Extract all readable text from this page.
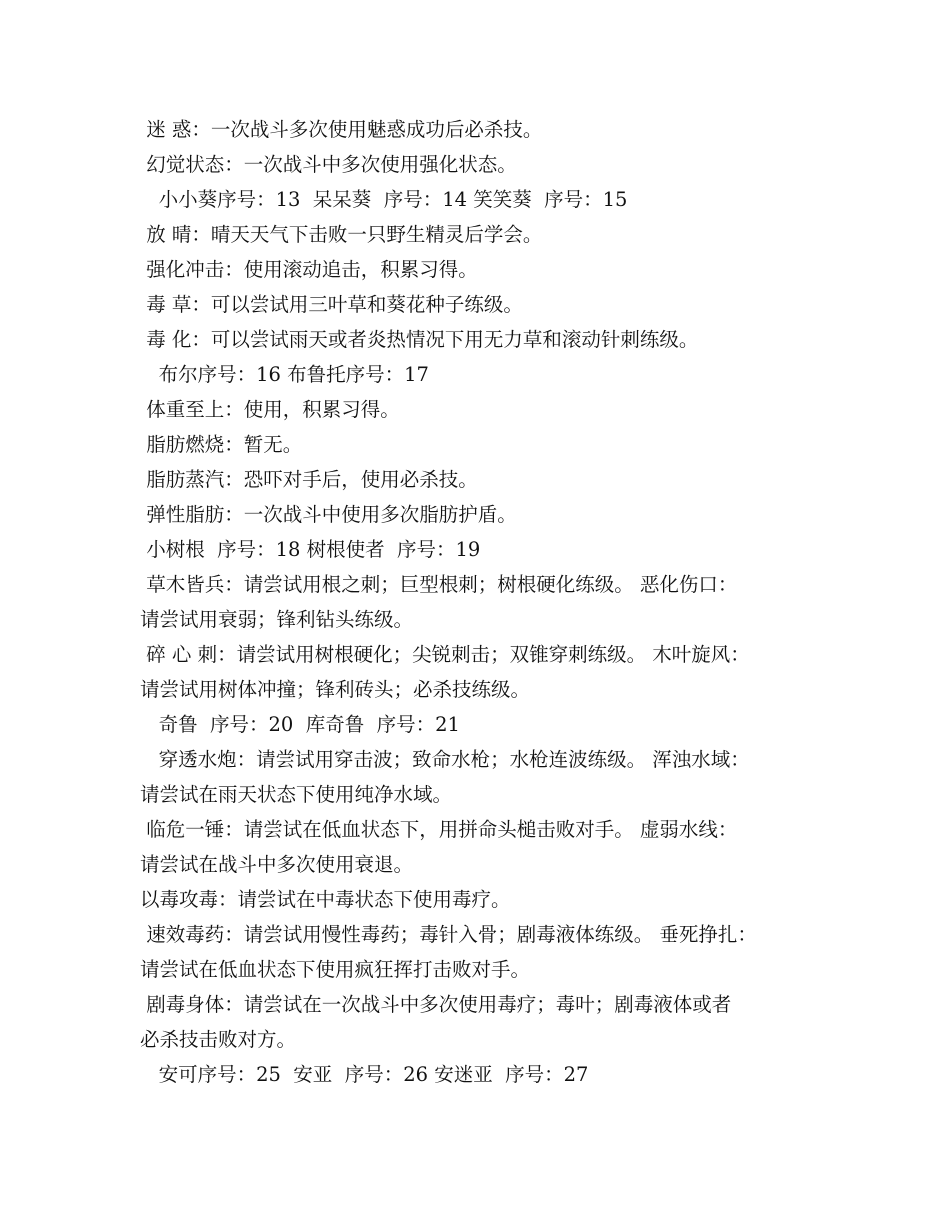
迷 惑：一次战斗多次使用魅惑成功后必杀技。
幻觉状态：一次战斗中多次使用强化状态。
小小葵序号：13  呆呆葵  序号：14 笑笑葵  序号：15
放 晴：晴天天气下击败一只野生精灵后学会。
强化冲击：使用滚动追击，积累习得。
毒 草：可以尝试用三叶草和葵花种子练级。
毒 化：可以尝试雨天或者炎热情况下用无力草和滚动针刺练级。
布尔序号：16 布鲁托序号：17
体重至上：使用，积累习得。
脂肪燃烧：暂无。
脂肪蒸汽：恐吓对手后，使用必杀技。
弹性脂肪：一次战斗中使用多次脂肪护盾。
小树根  序号：18 树根使者  序号：19
草木皆兵：请尝试用根之刺；巨型根刺；树根硬化练级。 恶化伤口：
请尝试用衰弱；锋利钻头练级。
碎 心 刺：请尝试用树根硬化；尖锐刺击；双锥穿刺练级。 木叶旋风：
请尝试用树体冲撞；锋利砖头；必杀技练级。
奇鲁  序号：20  库奇鲁  序号：21
穿透水炮：请尝试用穿击波；致命水枪；水枪连波练级。 浑浊水域：
请尝试在雨天状态下使用纯净水域。
临危一锤：请尝试在低血状态下，用拼命头槌击败对手。 虚弱水线：
请尝试在战斗中多次使用衰退。
以毒攻毒：请尝试在中毒状态下使用毒疗。
速效毒药：请尝试用慢性毒药；毒针入骨；剧毒液体练级。 垂死挣扎：
请尝试在低血状态下使用疯狂挥打击败对手。
剧毒身体：请尝试在一次战斗中多次使用毒疗；毒叶；剧毒液体或者
必杀技击败对方。
安可序号：25  安亚  序号：26 安迷亚  序号：27
